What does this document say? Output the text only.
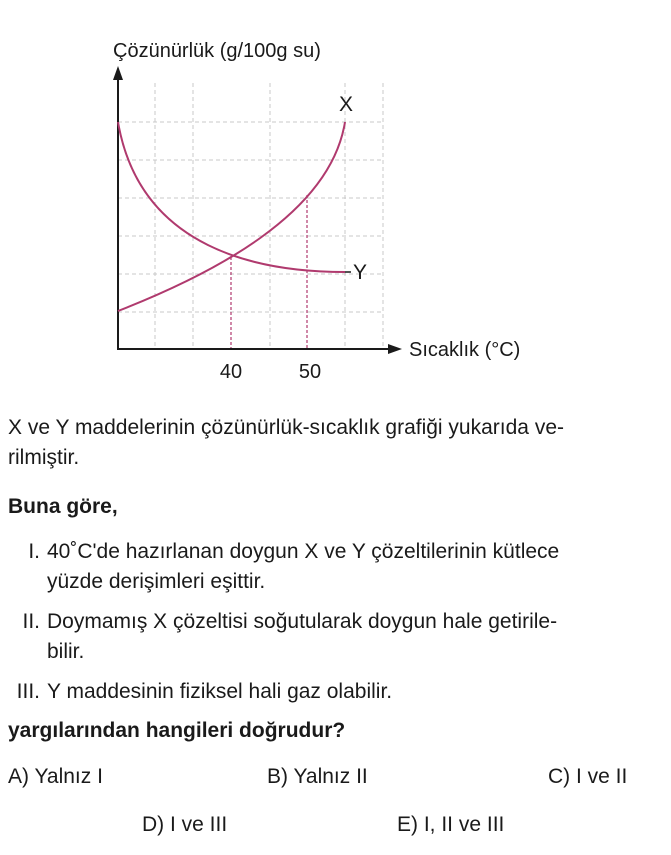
Çözünürlük (g/100g su)
Sıcaklık (°C)
40	50
X
Y
X ve Y maddelerinin çözünürlük-sıcaklık grafiği yukarıda ve-
rilmiştir.
Buna göre,
I. 40˚C'de hazırlanan doygun X ve Y çözeltilerinin kütlece
yüzde derişimleri eşittir.
II. Doymamış X çözeltisi soğutularak doygun hale getirile-
bilir.
III. Y maddesinin fiziksel hali gaz olabilir.
yargılarından hangileri doğrudur?
A) Yalnız I	B) Yalnız II	C) I ve II
D) I ve III	E) I, II ve III
